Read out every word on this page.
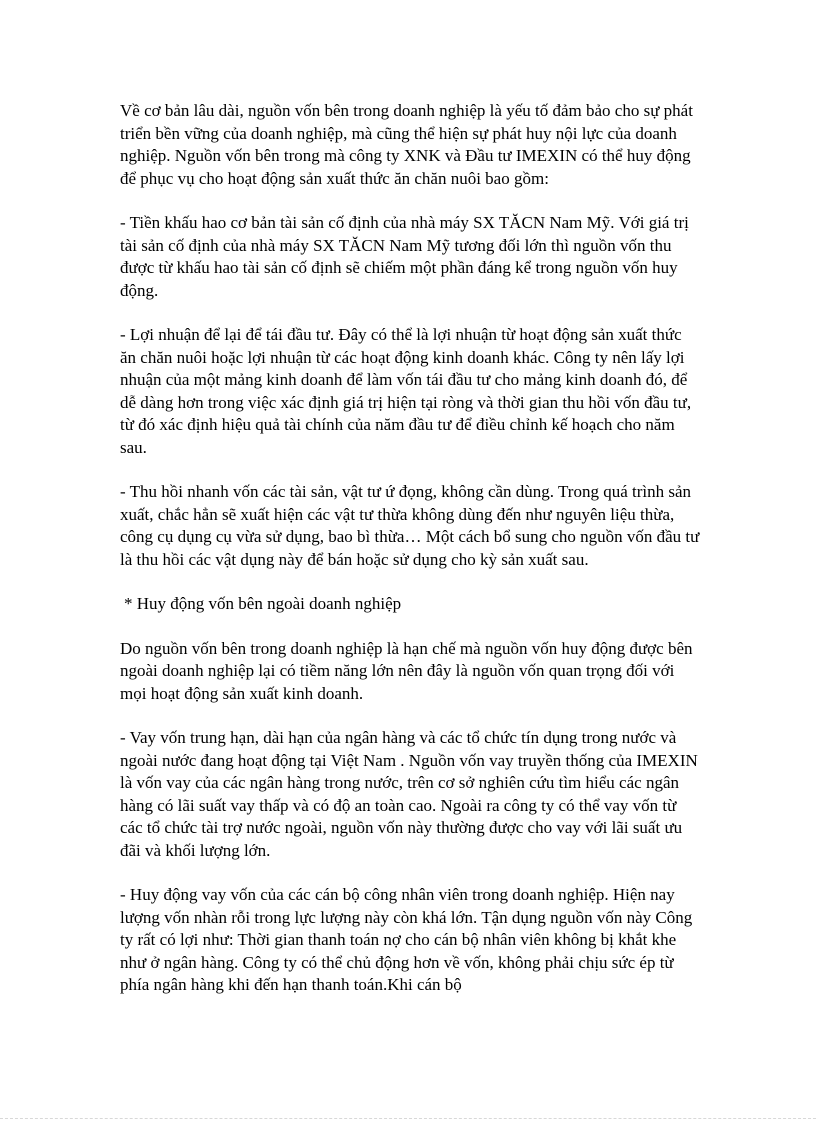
Về cơ bản lâu dài, nguồn vốn bên trong doanh nghiệp là yếu tố đảm bảo cho sự phát triển bền vững của doanh nghiệp, mà cũng thể hiện sự phát huy nội lực của doanh nghiệp. Nguồn vốn bên trong mà công ty XNK và Đầu tư IMEXIN có thể huy động để phục vụ cho hoạt động sản xuất thức ăn chăn nuôi bao gồm:

- Tiền khấu hao cơ bản tài sản cố định của nhà máy SX TĂCN Nam Mỹ. Với giá trị tài sản cố định của nhà máy SX TĂCN Nam Mỹ tương đối lớn thì nguồn vốn thu được từ khấu hao tài sản cố định sẽ chiếm một phần đáng kể trong nguồn vốn huy động.

- Lợi nhuận để lại để tái đầu tư. Đây có thể là lợi nhuận từ hoạt động sản xuất thức ăn chăn nuôi hoặc lợi nhuận từ các hoạt động kinh doanh khác. Công ty nên lấy lợi nhuận của một mảng kinh doanh để làm vốn tái đầu tư cho mảng kinh doanh đó, để dễ dàng hơn trong việc xác định giá trị hiện tại ròng và thời gian thu hồi vốn đầu tư, từ đó xác định hiệu quả tài chính của năm đầu tư để điều chỉnh kế hoạch cho năm sau.

- Thu hồi nhanh vốn các tài sản, vật tư ứ đọng, không cần dùng. Trong quá trình sản xuất, chắc hẳn sẽ xuất hiện các vật tư thừa không dùng đến như nguyên liệu thừa, công cụ dụng cụ vừa sử dụng, bao bì thừa… Một cách bổ sung cho nguồn vốn đầu tư là thu hồi các vật dụng này để bán hoặc sử dụng cho kỳ sản xuất sau.

* Huy động vốn bên ngoài doanh nghiệp

Do nguồn vốn bên trong doanh nghiệp là hạn chế mà nguồn vốn huy động được bên ngoài doanh nghiệp lại có tiềm năng lớn nên đây là nguồn vốn quan trọng đối với mọi hoạt động sản xuất kinh doanh.

- Vay vốn trung hạn, dài hạn của ngân hàng và các tổ chức tín dụng trong nước và ngoài nước đang hoạt động tại Việt Nam . Nguồn vốn vay truyền thống của IMEXIN là vốn vay của các ngân hàng trong nước, trên cơ sở nghiên cứu tìm hiểu các ngân hàng có lãi suất vay thấp và có độ an toàn cao. Ngoài ra công ty có thể vay vốn từ các tổ chức tài trợ nước ngoài, nguồn vốn này thường được cho vay với lãi suất ưu đãi và khối lượng lớn.

- Huy động vay vốn của các cán bộ công nhân viên trong doanh nghiệp. Hiện nay lượng vốn nhàn rỗi trong lực lượng này còn khá lớn. Tận dụng nguồn vốn này Công ty rất có lợi như: Thời gian thanh toán nợ cho cán bộ nhân viên không bị khắt khe như ở ngân hàng. Công ty có thể chủ động hơn về vốn, không phải chịu sức ép từ phía ngân hàng khi đến hạn thanh toán.Khi cán bộ
